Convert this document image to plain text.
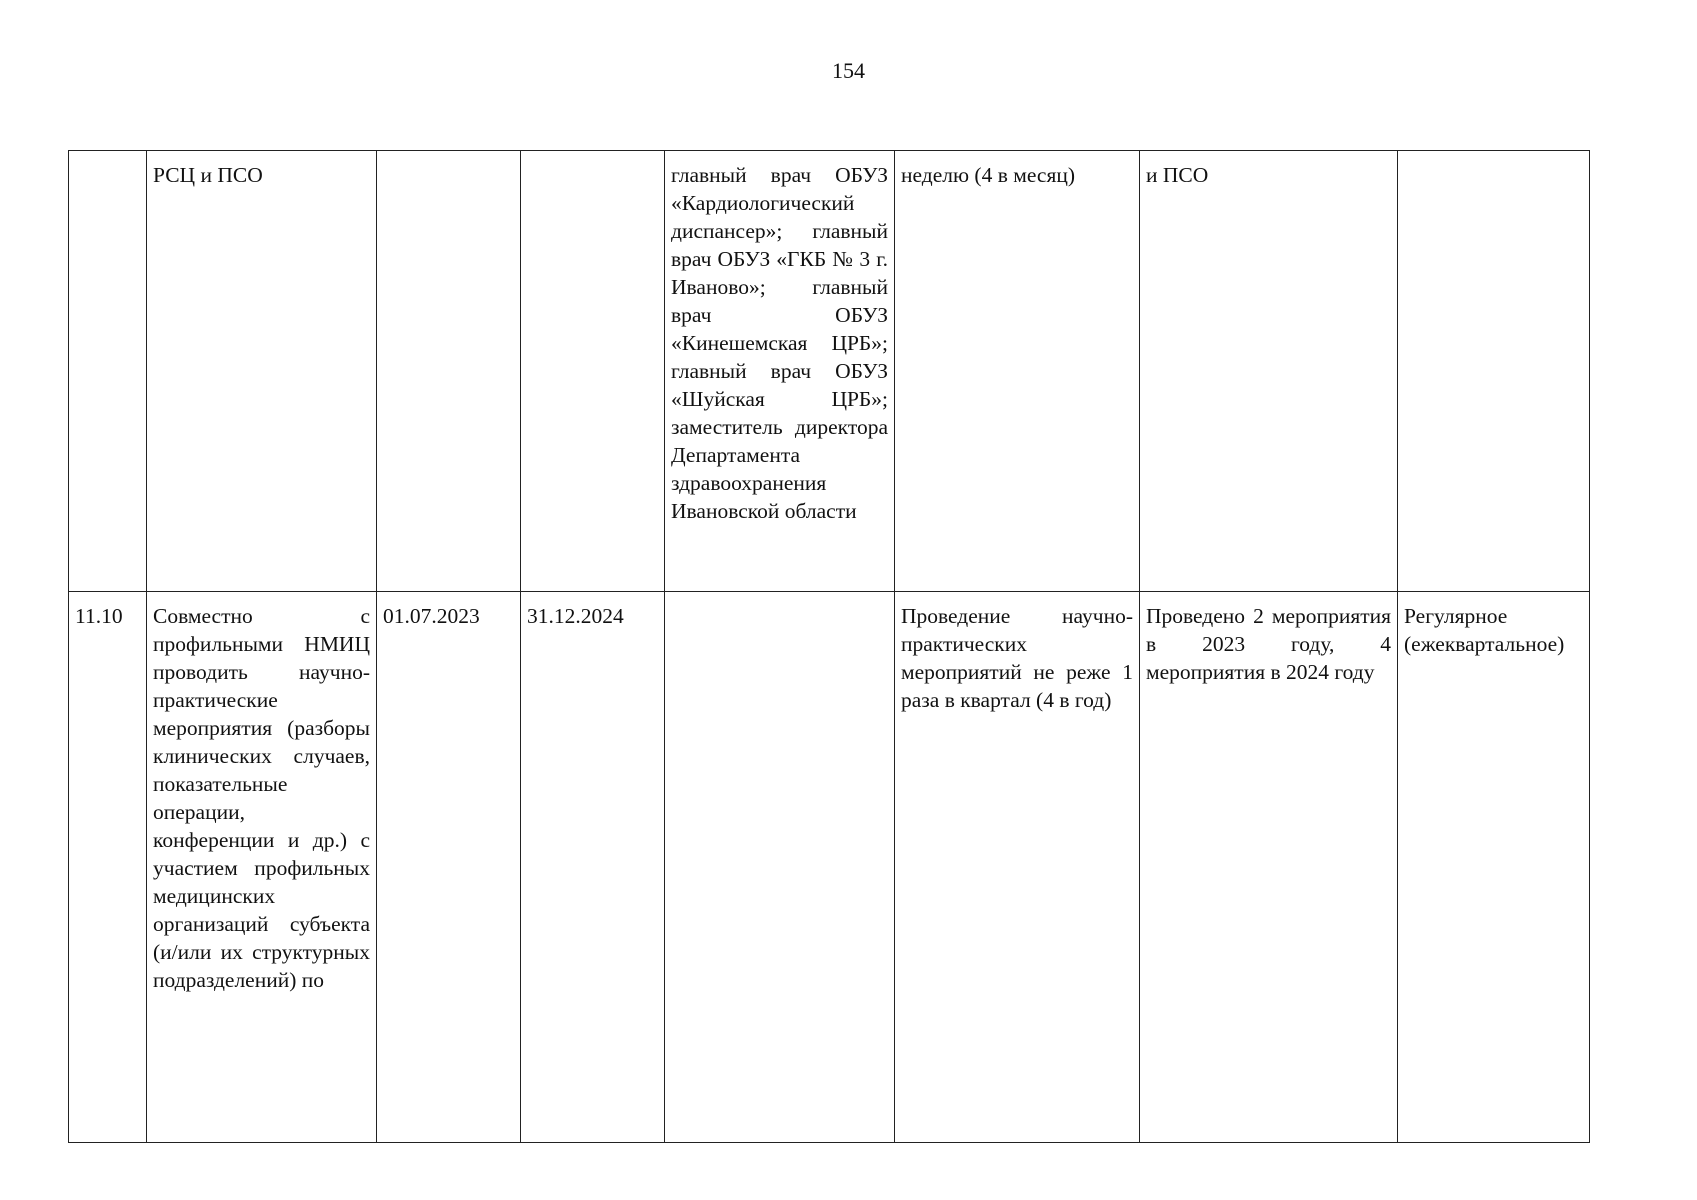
154

	РСЦ и ПСО			главный врач ОБУЗ «Кардиологический диспансер»; главный врач ОБУЗ «ГКБ № 3 г. Иваново»; главный врач ОБУЗ «Кинешемская ЦРБ»; главный врач ОБУЗ «Шуйская ЦРБ»; заместитель директора Департамента здравоохранения Ивановской области	неделю (4 в месяц)	и ПСО	

11.10	Совместно с профильными НМИЦ проводить научно-практические мероприятия (разборы клинических случаев, показательные операции, конференции и др.) с участием профильных медицинских организаций субъекта (и/или их структурных подразделений) по	01.07.2023	31.12.2024		Проведение научно-практических мероприятий не реже 1 раза в квартал (4 в год)	Проведено 2 мероприятия в 2023 году, 4 мероприятия в 2024 году	Регулярное (ежеквартальное)
